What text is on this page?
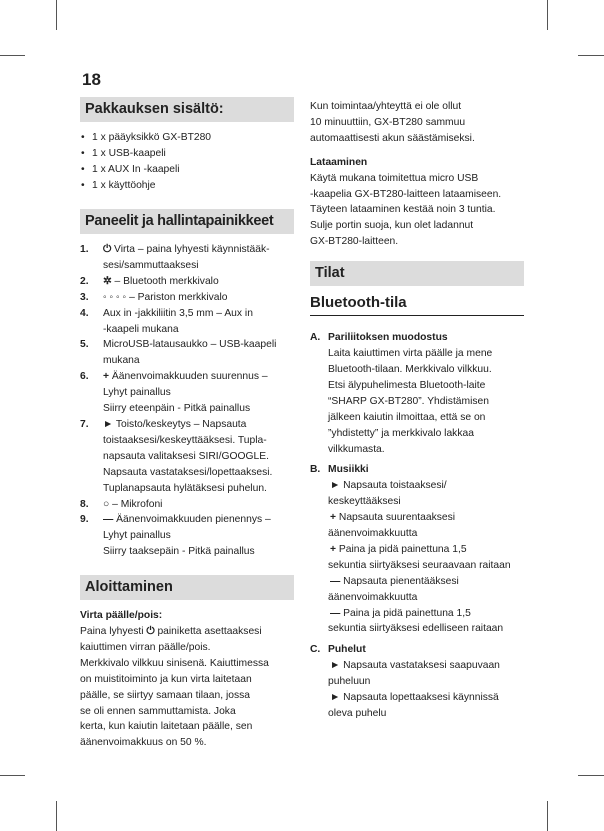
18
Pakkauksen sisältö:
• 1 x pääyksikkö GX-BT280
• 1 x USB-kaapeli
• 1 x AUX In -kaapeli
• 1 x käyttöohje
Paneelit ja hallintapainikkeet
1. ⏻ Virta – paina lyhyesti käynnistääk-
sesi/sammuttaaksesi
2. ✲ – Bluetooth merkkivalo
3. ◦ ◦ ◦ ◦ – Pariston merkkivalo
4. Aux in -jakkiliitin 3,5 mm – Aux in
-kaapeli mukana
5. MicroUSB-latausaukko – USB-kaapeli
mukana
6. + Äänenvoimakkuuden suurennus –
Lyhyt painallus
Siirry eteenpäin - Pitkä painallus
7. ► Toisto/keskeytys – Napsauta
toistaaksesi/keskeyttääksesi. Tupla-
napsauta valitaksesi SIRI/GOOGLE.
Napsauta vastataksesi/lopettaaksesi.
Tuplanapsauta hylätäksesi puhelun.
8. ○ – Mikrofoni
9. — Äänenvoimakkuuden pienennys –
Lyhyt painallus
Siirry taaksepäin - Pitkä painallus
Aloittaminen

Virta päälle/pois:

Paina lyhyesti ⏻ painiketta asettaaksesi

kaiuttimen virran päälle/pois.
Merkkivalo vilkkuu sinisenä. Kaiuttimessa
on muistitoiminto ja kun virta laitetaan
päälle, se siirtyy samaan tilaan, jossa
se oli ennen sammuttamista. Joka
kerta, kun kaiutin laitetaan päälle, sen
äänenvoimakkuus on 50 %.
Kun toimintaa/yhteyttä ei ole ollut
10 minuuttiin, GX-BT280 sammuu
automaattisesti akun säästämiseksi.

Lataaminen

Käytä mukana toimitettua micro USB
-kaapelia GX-BT280-laitteen lataamiseen.
Täyteen lataaminen kestää noin 3 tuntia.
Sulje portin suoja, kun olet ladannut
GX-BT280-laitteen.
Tilat
Bluetooth-tila
A. Pariliitoksen muodostus

Laita kaiuttimen virta päälle ja mene
Bluetooth-tilaan. Merkkivalo vilkkuu.
Etsi älypuhelimesta Bluetooth-laite
“SHARP GX-BT280”. Yhdistämisen
jälkeen kaiutin ilmoittaa, että se on
”yhdistetty” ja merkkivalo lakkaa
vilkkumasta.
B. Musiikki

► Napsauta toistaaksesi/
keskeyttääksesi
+ Napsauta suurentaaksesi
äänenvoimakkuutta
+ Paina ja pidä painettuna 1,5
sekuntia siirtyäksesi seuraavaan raitaan
— Napsauta pienentääksesi
äänenvoimakkuutta
— Paina ja pidä painettuna 1,5
sekuntia siirtyäksesi edelliseen raitaan
C. Puhelut

► Napsauta vastataksesi saapuvaan
puheluun
► Napsauta lopettaaksesi käynnissä
oleva puhelu
